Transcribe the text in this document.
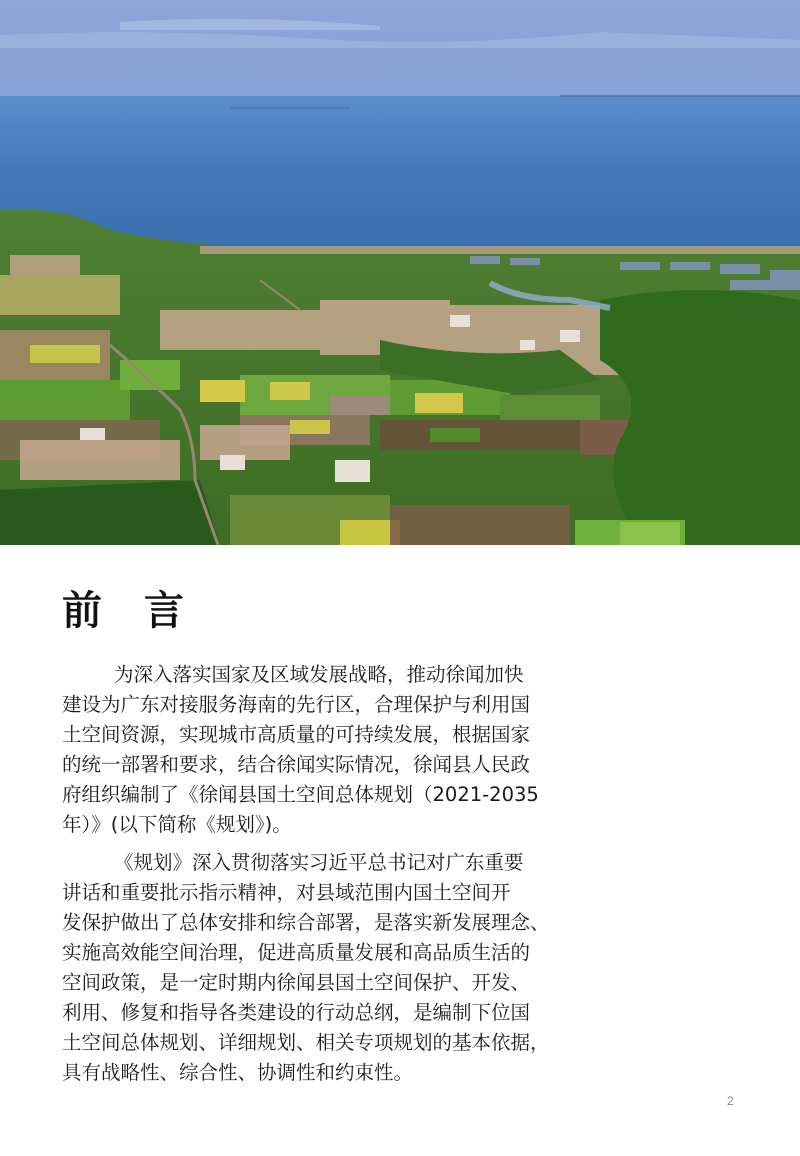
前 言

为深入落实国家及区域发展战略，推动徐闻加快
建设为广东对接服务海南的先行区，合理保护与利用国
土空间资源，实现城市高质量的可持续发展，根据国家
的统一部署和要求，结合徐闻实际情况，徐闻县人民政
府组织编制了《徐闻县国土空间总体规划（2021-2035
年）》(以下简称《规划》)。

《规划》深入贯彻落实习近平总书记对广东重要
讲话和重要批示指示精神，对县域范围内国土空间开
发保护做出了总体安排和综合部署，是落实新发展理念、
实施高效能空间治理，促进高质量发展和高品质生活的
空间政策，是一定时期内徐闻县国土空间保护、开发、
利用、修复和指导各类建设的行动总纲，是编制下位国
土空间总体规划、详细规划、相关专项规划的基本依据，
具有战略性、综合性、协调性和约束性。

2
